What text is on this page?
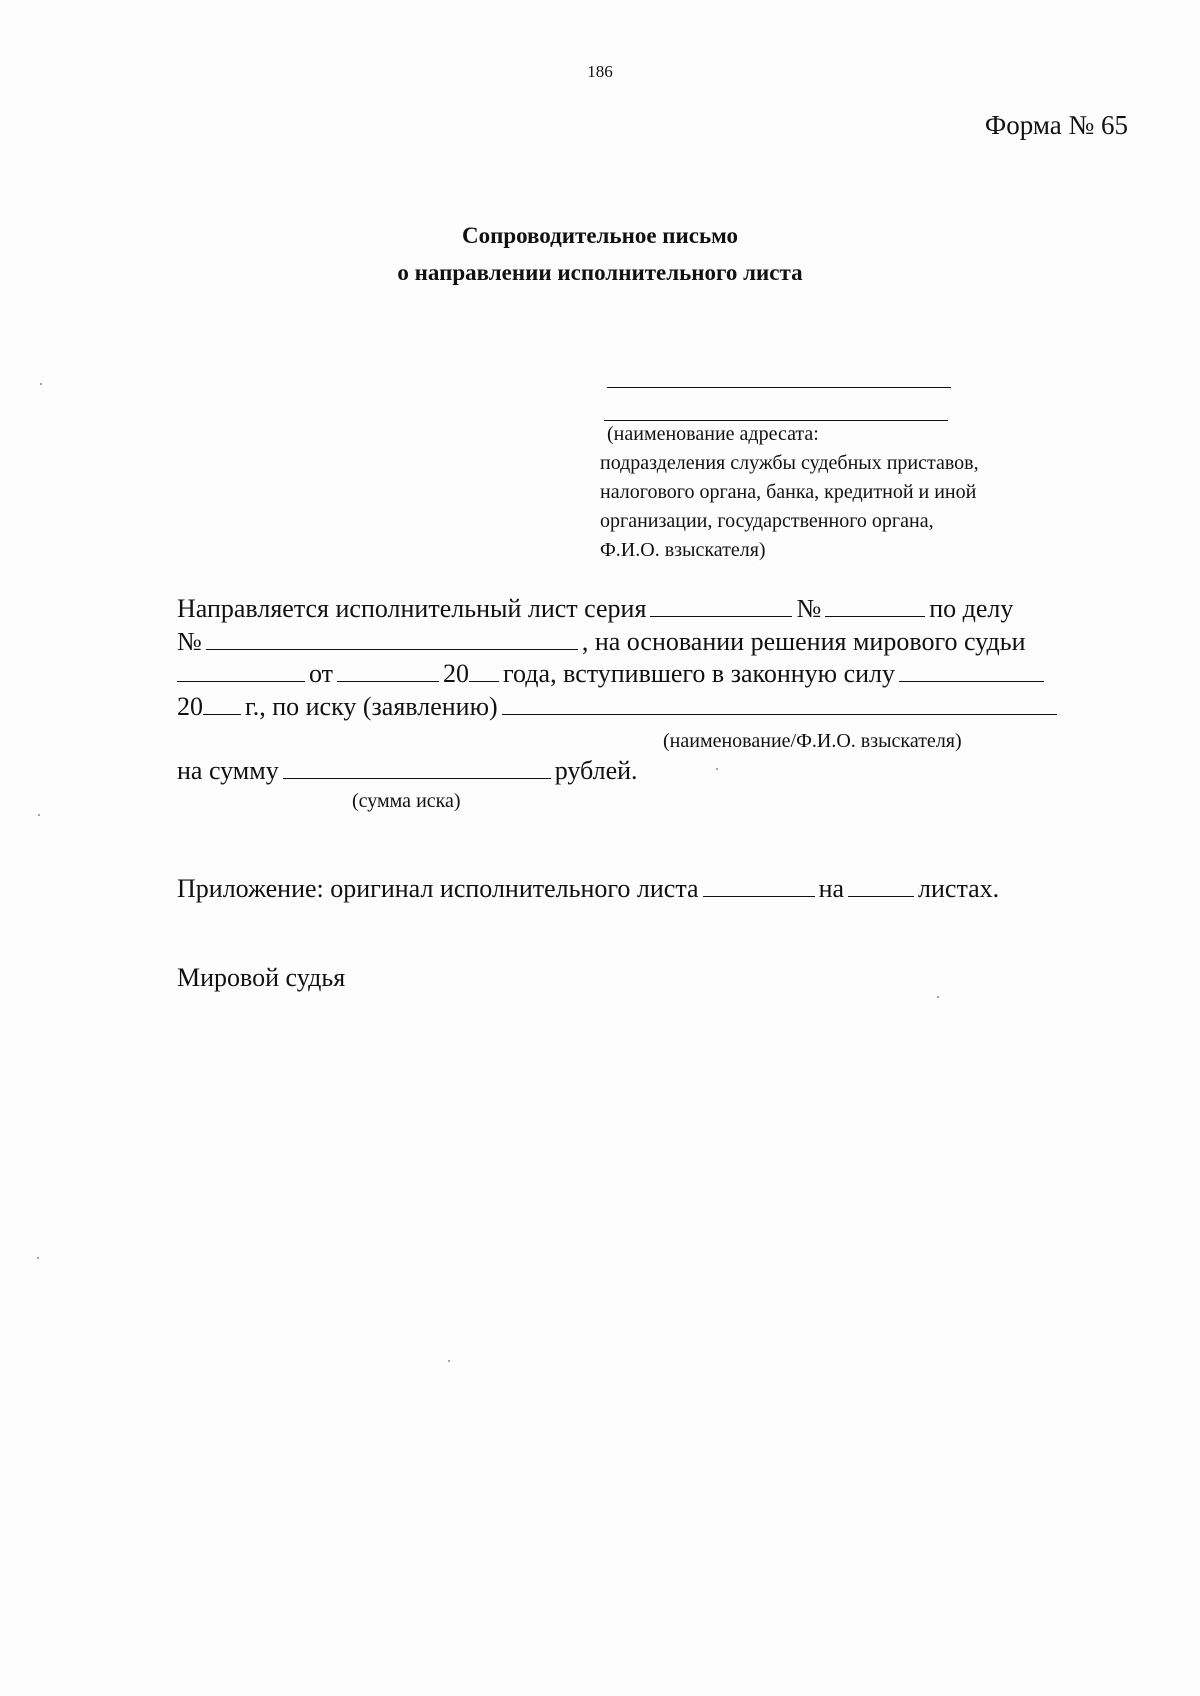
186
Форма № 65
Сопроводительное письмо
о направлении исполнительного листа
(наименование адресата:
подразделения службы судебных приставов,
налогового органа, банка, кредитной и иной
организации, государственного органа,
Ф.И.О. взыскателя)
Направляется исполнительный лист серия	№	по делу
№	, на основании решения мирового судьи
от	20 года, вступившего в законную силу
20 г., по иску (заявлению)
(наименование/Ф.И.О. взыскателя)
на сумму	рублей.
(сумма иска)
Приложение: оригинал исполнительного листа	на	листах.
Мировой судья
